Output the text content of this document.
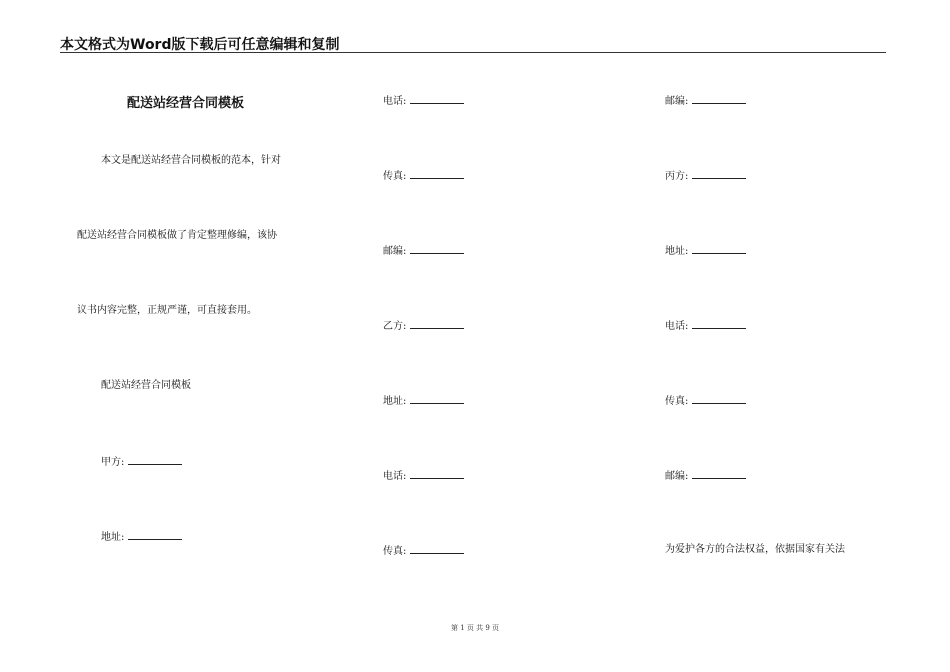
本文格式为Word版下载后可任意编辑和复制
配送站经营合同模板
本文是配送站经营合同模板的范本，针对
配送站经营合同模板做了肯定整理修编，该协
议书内容完整，正规严谨，可直接套用。
配送站经营合同模板
甲方:
地址:
电话:
传真:
邮编:
乙方:
地址:
电话:
传真:
邮编:
丙方:
地址:
电话:
传真:
邮编:
为爱护各方的合法权益，依据国家有关法
第 1 页 共 9 页
